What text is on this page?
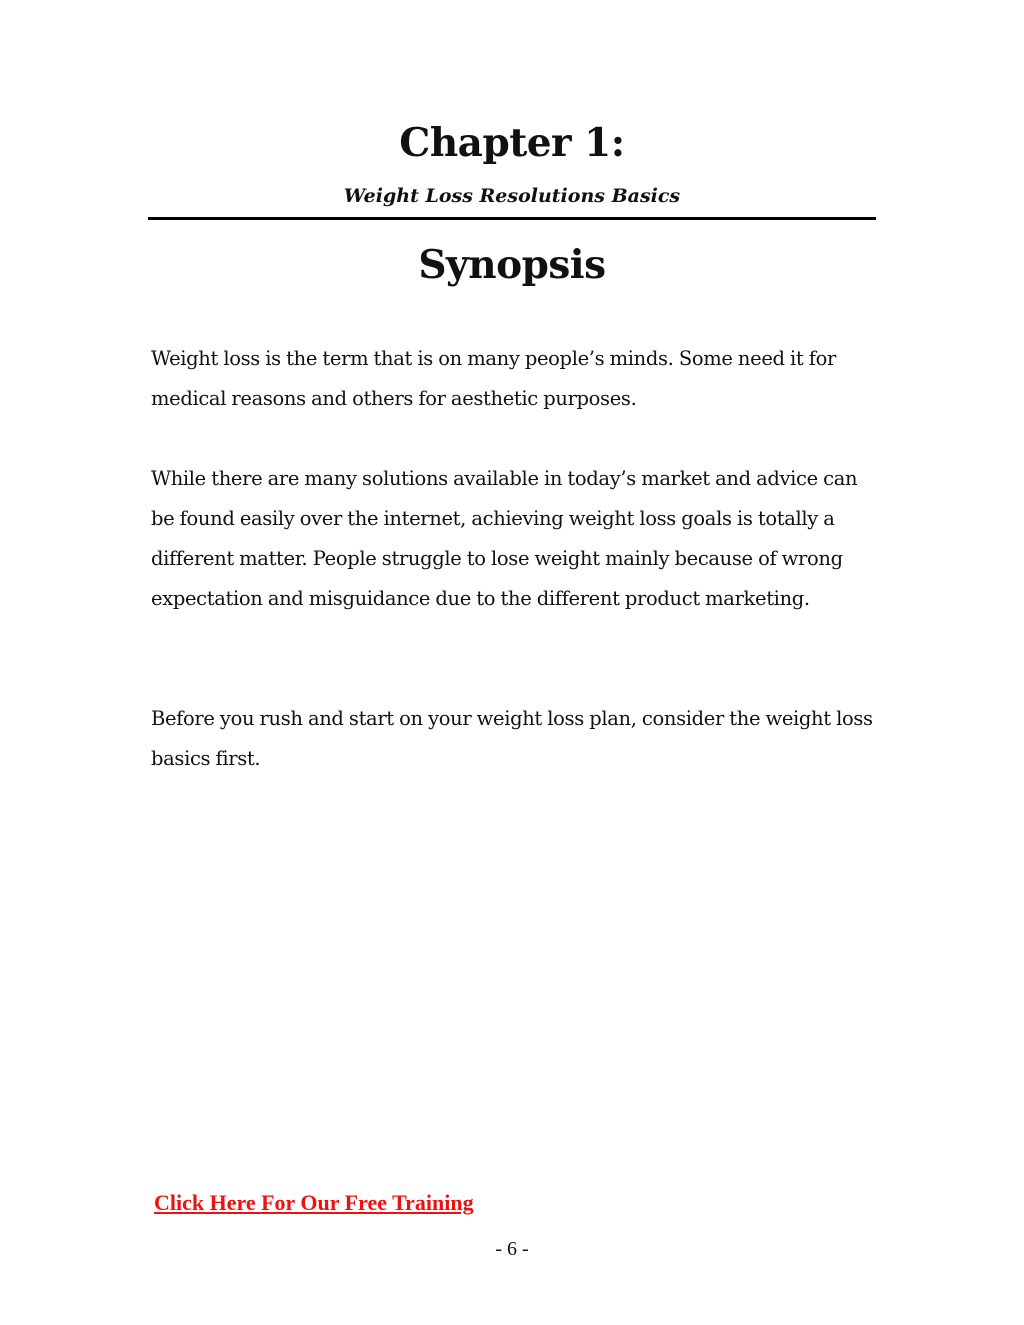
Chapter 1:

Weight Loss Resolutions Basics

Synopsis

Weight loss is the term that is on many people’s minds. Some need it for medical reasons and others for aesthetic purposes.

While there are many solutions available in today’s market and advice can be found easily over the internet, achieving weight loss goals is totally a different matter. People struggle to lose weight mainly because of wrong expectation and misguidance due to the different product marketing.

Before you rush and start on your weight loss plan, consider the weight loss basics first.

Click Here For Our Free Training
- 6 -
